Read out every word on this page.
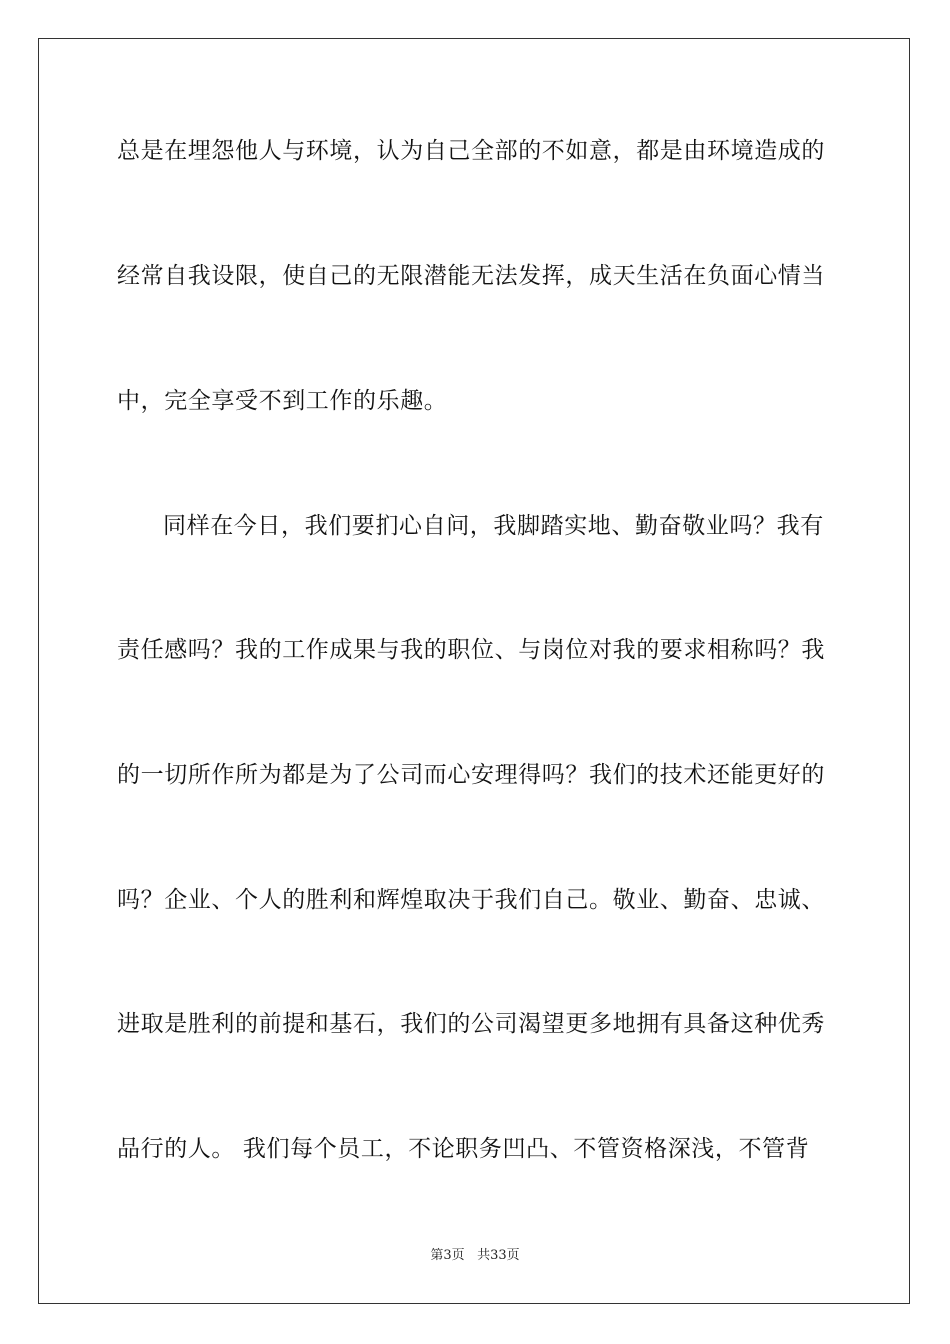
总是在埋怨他人与环境，认为自己全部的不如意，都是由环境造成的
经常自我设限，使自己的无限潜能无法发挥，成天生活在负面心情当
中，完全享受不到工作的乐趣。
同样在今日，我们要扪心自问，我脚踏实地、勤奋敬业吗？我有
责任感吗？我的工作成果与我的职位、与岗位对我的要求相称吗？我
的一切所作所为都是为了公司而心安理得吗？我们的技术还能更好的
吗？企业、个人的胜利和辉煌取决于我们自己。敬业、勤奋、忠诚、
进取是胜利的前提和基石，我们的公司渴望更多地拥有具备这种优秀
品行的人。 我们每个员工，不论职务凹凸、不管资格深浅，不管背
第3页 共33页
